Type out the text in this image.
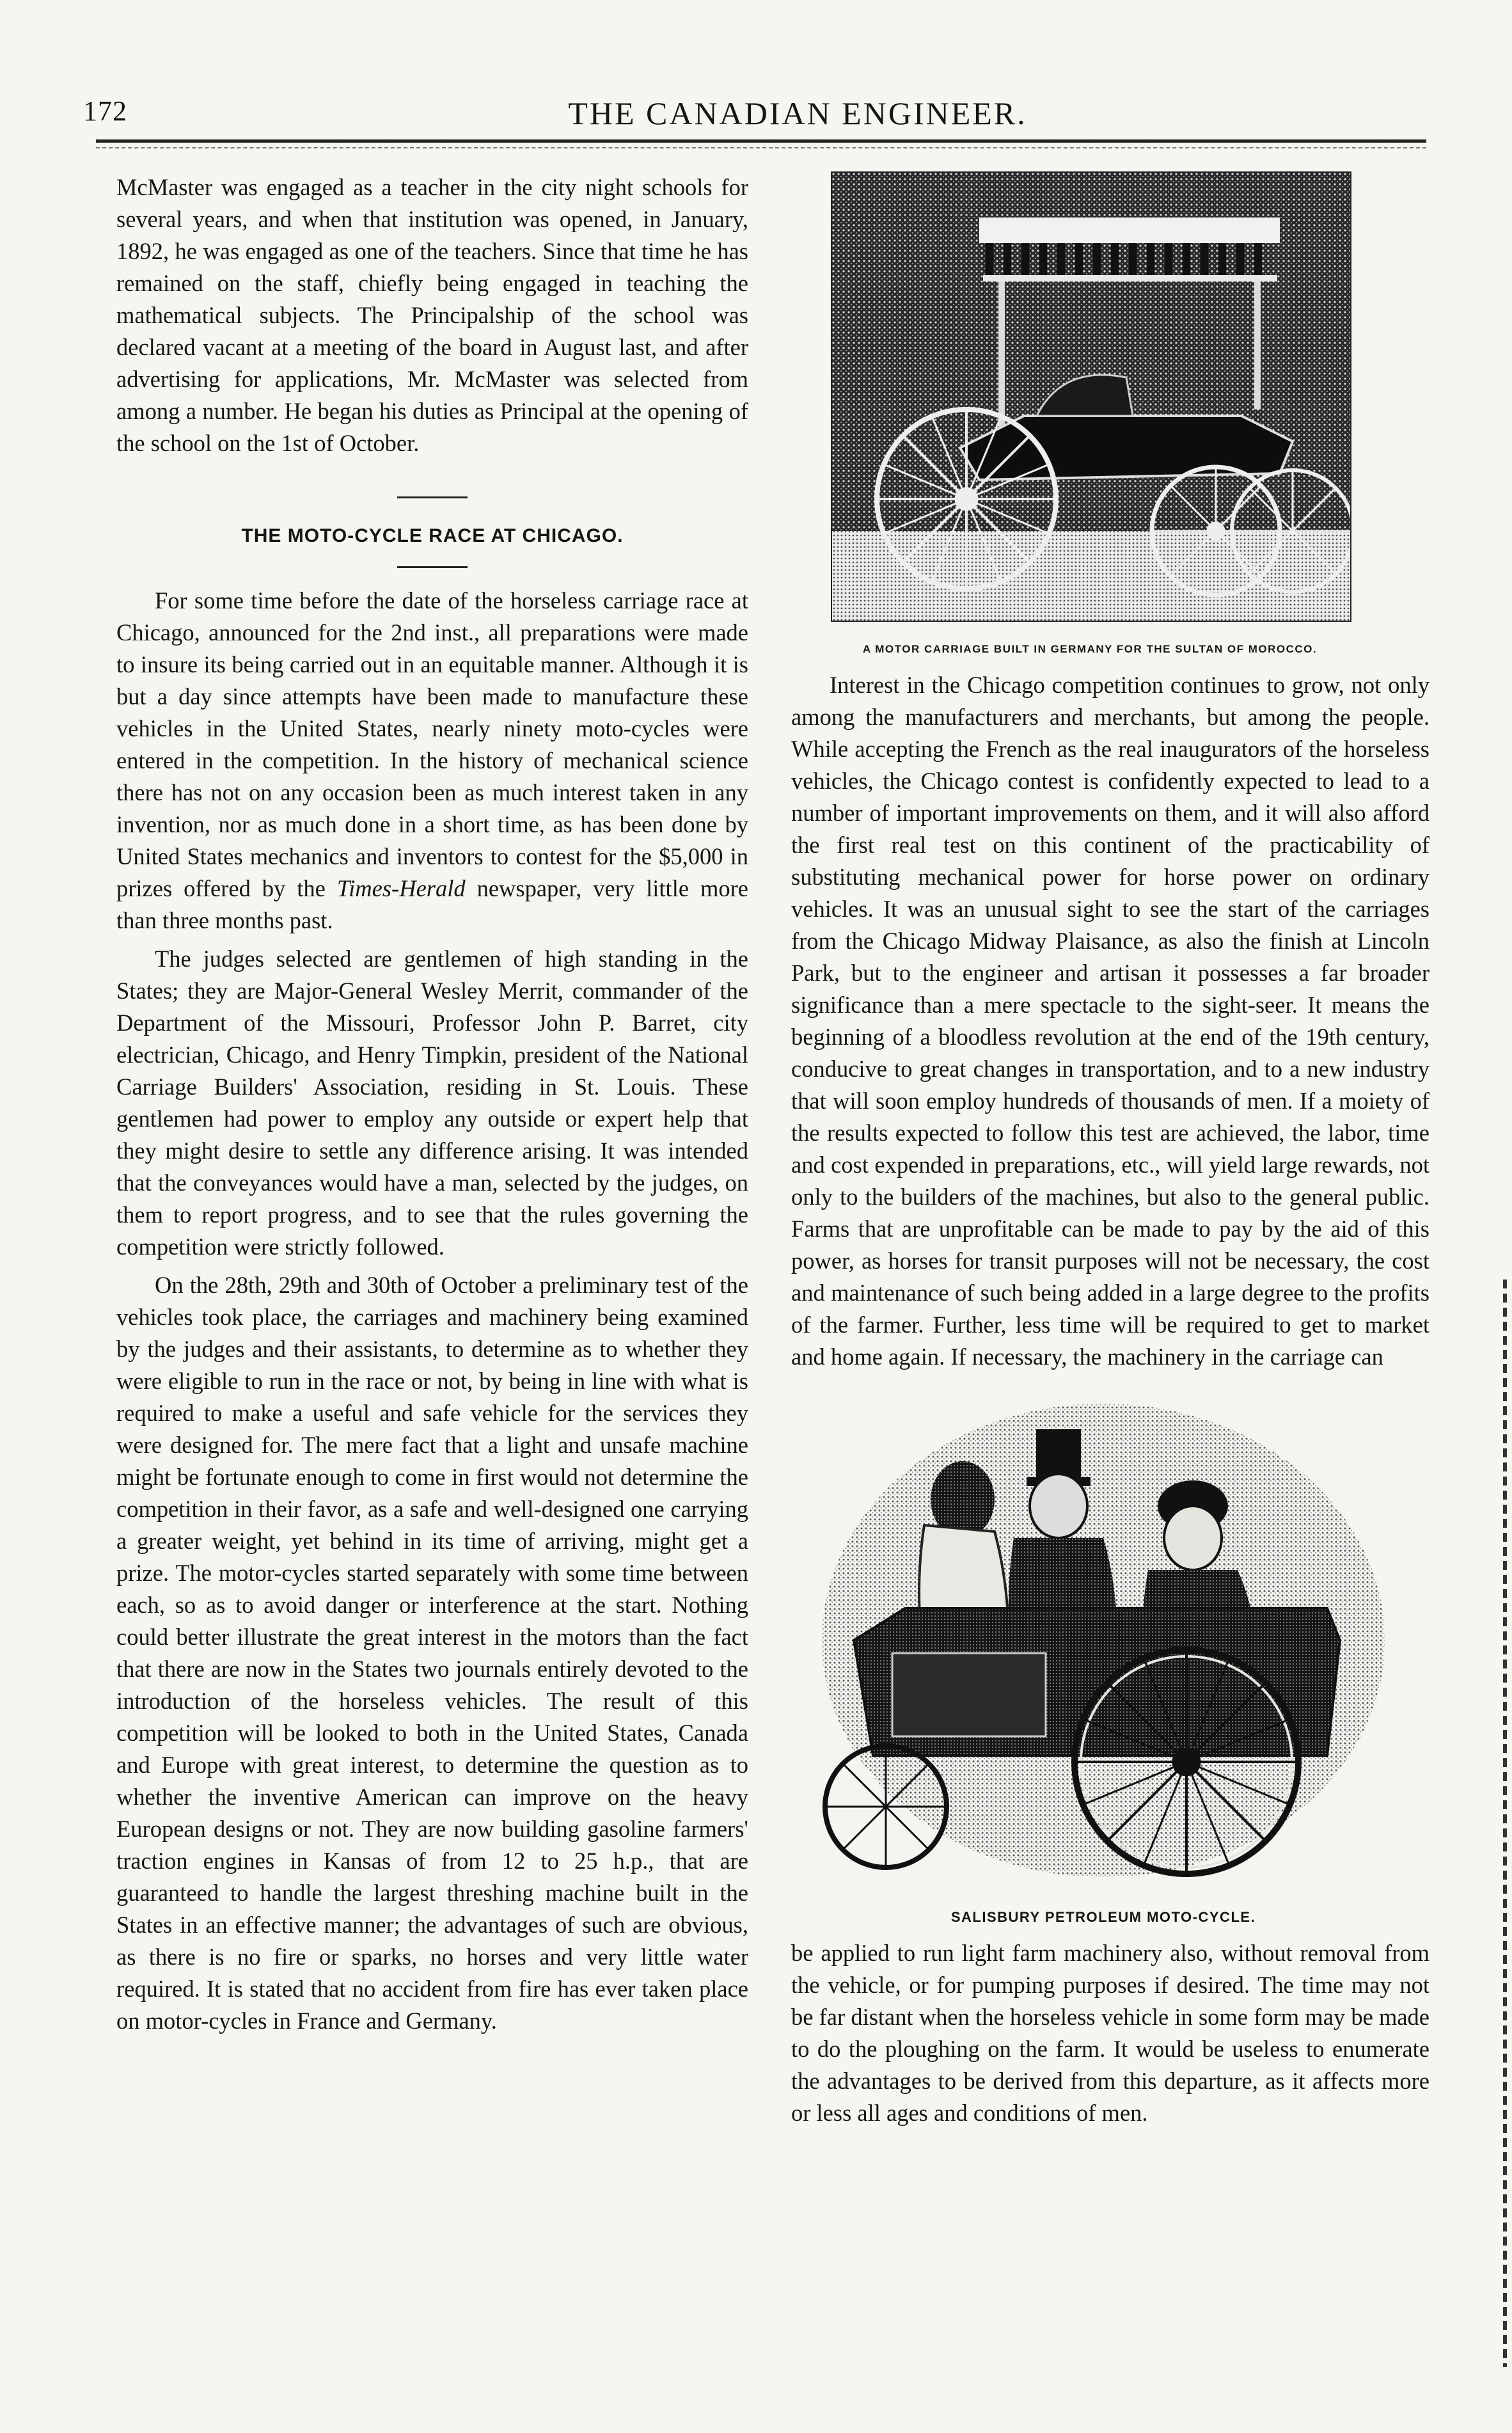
172	THE CANADIAN ENGINEER.

McMaster was engaged as a teacher in the city night schools for several years, and when that institution was opened, in January, 1892, he was engaged as one of the teachers. Since that time he has remained on the staff, chiefly being engaged in teaching the mathematical subjects. The Principalship of the school was declared vacant at a meeting of the board in August last, and after advertising for applications, Mr. McMaster was selected from among a number. He began his duties as Principal at the opening of the school on the 1st of October.

THE MOTO-CYCLE RACE AT CHICAGO.

For some time before the date of the horseless carriage race at Chicago, announced for the 2nd inst., all preparations were made to insure its being carried out in an equitable manner. Although it is but a day since attempts have been made to manufacture these vehicles in the United States, nearly ninety moto-cycles were entered in the competition. In the history of mechanical science there has not on any occasion been as much interest taken in any invention, nor as much done in a short time, as has been done by United States mechanics and inventors to contest for the $5,000 in prizes offered by the Times-Herald newspaper, very little more than three months past.

The judges selected are gentlemen of high standing in the States; they are Major-General Wesley Merrit, commander of the Department of the Missouri, Professor John P. Barret, city electrician, Chicago, and Henry Timpkin, president of the National Carriage Builders' Association, residing in St. Louis. These gentlemen had power to employ any outside or expert help that they might desire to settle any difference arising. It was intended that the conveyances would have a man, selected by the judges, on them to report progress, and to see that the rules governing the competition were strictly followed.

On the 28th, 29th and 30th of October a preliminary test of the vehicles took place, the carriages and machinery being examined by the judges and their assistants, to determine as to whether they were eligible to run in the race or not, by being in line with what is required to make a useful and safe vehicle for the services they were designed for. The mere fact that a light and unsafe machine might be fortunate enough to come in first would not determine the competition in their favor, as a safe and well-designed one carrying a greater weight, yet behind in its time of arriving, might get a prize. The motor-cycles started separately with some time between each, so as to avoid danger or interference at the start. Nothing could better illustrate the great interest in the motors than the fact that there are now in the States two journals entirely devoted to the introduction of the horseless vehicles. The result of this competition will be looked to both in the United States, Canada and Europe with great interest, to determine the question as to whether the inventive American can improve on the heavy European designs or not. They are now building gasoline farmers' traction engines in Kansas of from 12 to 25 h.p., that are guaranteed to handle the largest threshing machine built in the States in an effective manner; the advantages of such are obvious, as there is no fire or sparks, no horses and very little water required. It is stated that no accident from fire has ever taken place on motor-cycles in France and Germany.

A MOTOR CARRIAGE BUILT IN GERMANY FOR THE SULTAN OF MOROCCO.

Interest in the Chicago competition continues to grow, not only among the manufacturers and merchants, but among the people. While accepting the French as the real inaugurators of the horseless vehicles, the Chicago contest is confidently expected to lead to a number of important improvements on them, and it will also afford the first real test on this continent of the practicability of substituting mechanical power for horse power on ordinary vehicles. It was an unusual sight to see the start of the carriages from the Chicago Midway Plaisance, as also the finish at Lincoln Park, but to the engineer and artisan it possesses a far broader significance than a mere spectacle to the sight-seer. It means the beginning of a bloodless revolution at the end of the 19th century, conducive to great changes in transportation, and to a new industry that will soon employ hundreds of thousands of men. If a moiety of the results expected to follow this test are achieved, the labor, time and cost expended in preparations, etc., will yield large rewards, not only to the builders of the machines, but also to the general public. Farms that are unprofitable can be made to pay by the aid of this power, as horses for transit purposes will not be necessary, the cost and maintenance of such being added in a large degree to the profits of the farmer. Further, less time will be required to get to market and home again. If necessary, the machinery in the carriage can

SALISBURY PETROLEUM MOTO-CYCLE.

be applied to run light farm machinery also, without removal from the vehicle, or for pumping purposes if desired. The time may not be far distant when the horseless vehicle in some form may be made to do the ploughing on the farm. It would be useless to enumerate the advantages to be derived from this departure, as it affects more or less all ages and conditions of men.
